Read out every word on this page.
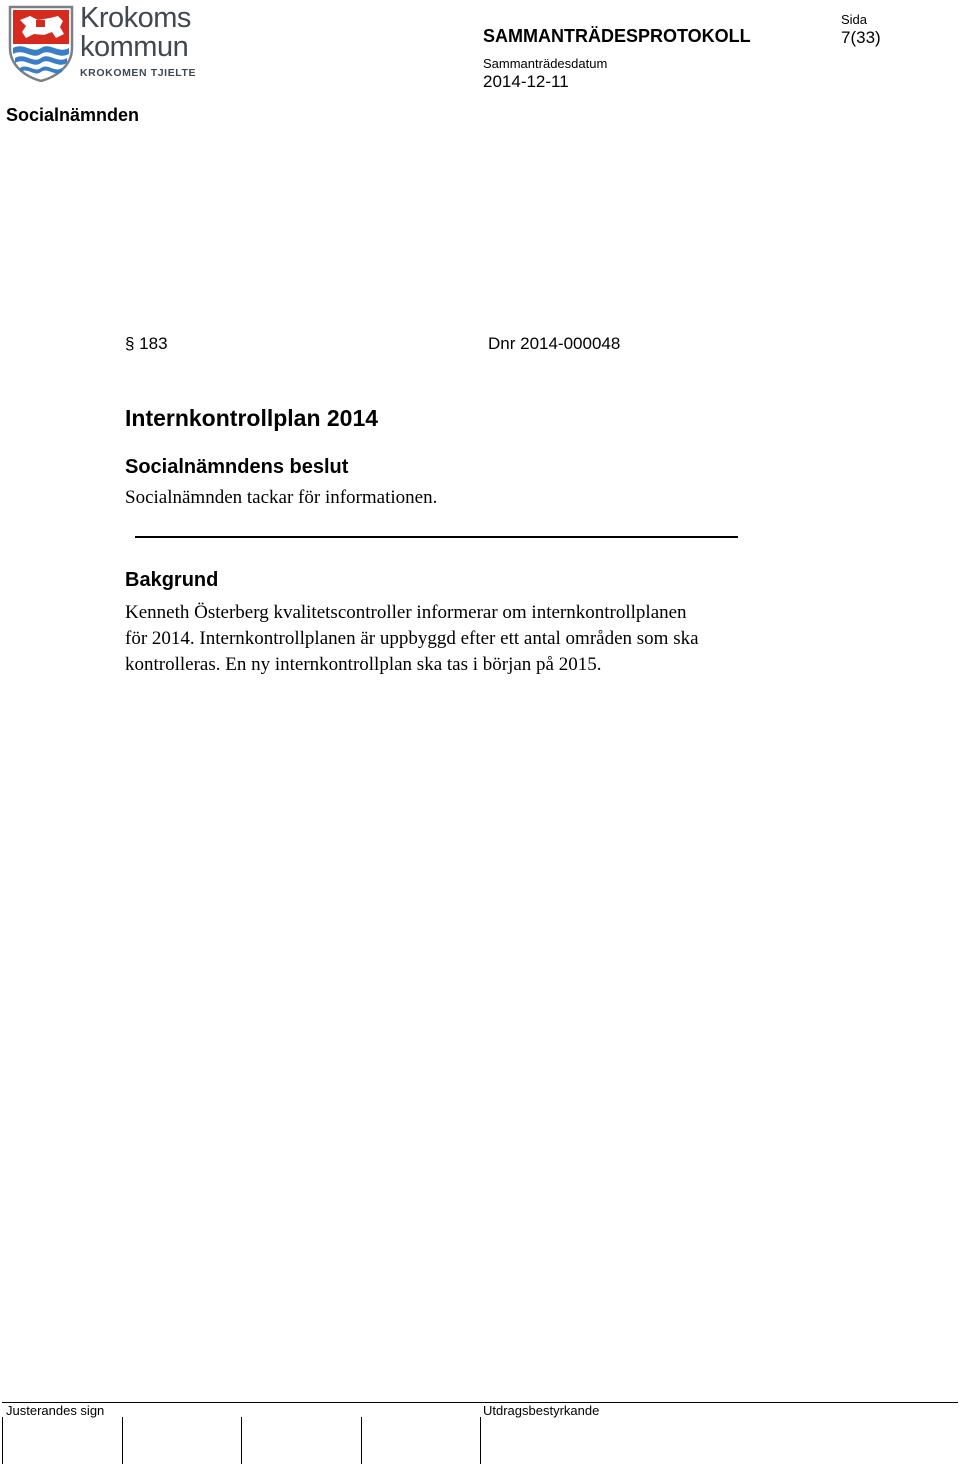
Krokoms
kommun
KROKOMEN TJIELTE
Socialnämnden
SAMMANTRÄDESPROTOKOLL
Sida
7(33)
Sammanträdesdatum
2014-12-11
§ 183	Dnr 2014-000048
Internkontrollplan 2014
Socialnämndens beslut
Socialnämnden tackar för informationen.
Bakgrund
Kenneth Österberg kvalitetscontroller informerar om internkontrollplanen
för 2014. Internkontrollplanen är uppbyggd efter ett antal områden som ska
kontrolleras. En ny internkontrollplan ska tas i början på 2015.
Justerandes sign	Utdragsbestyrkande
